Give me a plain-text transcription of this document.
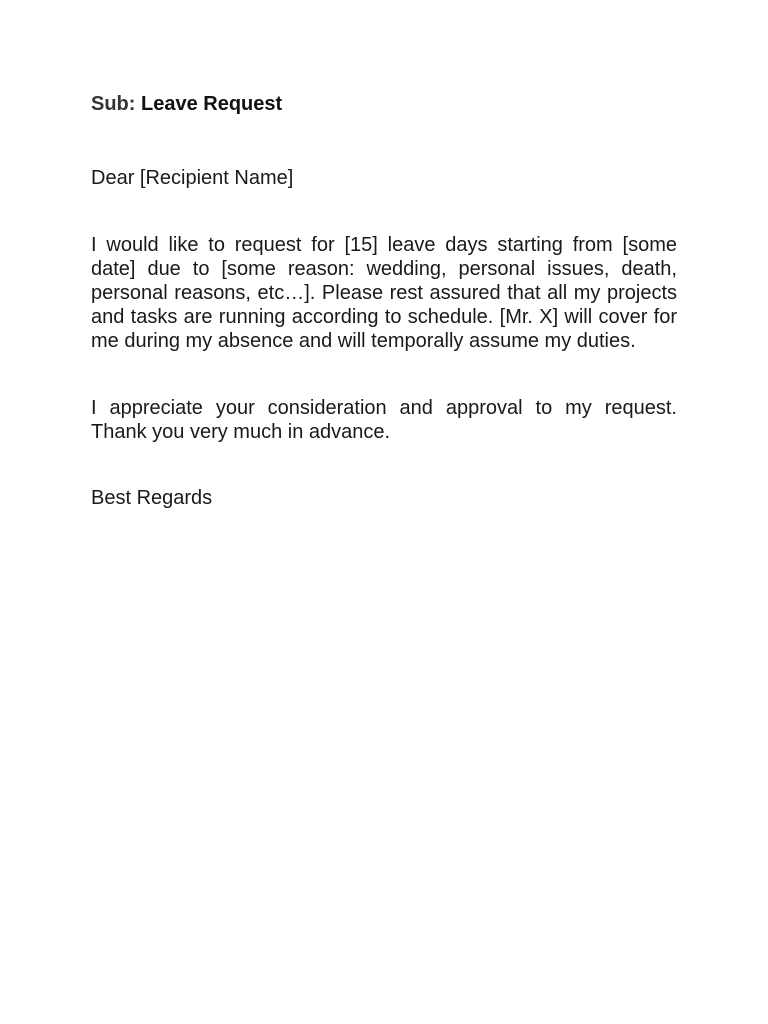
Sub: Leave Request
Dear [Recipient Name]

I would like to request for [15] leave days starting from [some date] due to [some reason: wedding, personal issues, death, personal reasons, etc…]. Please rest assured that all my projects and tasks are running according to schedule. [Mr. X] will cover for me during my absence and will temporally assume my duties.

I appreciate your consideration and approval to my request. Thank you very much in advance.

Best Regards
